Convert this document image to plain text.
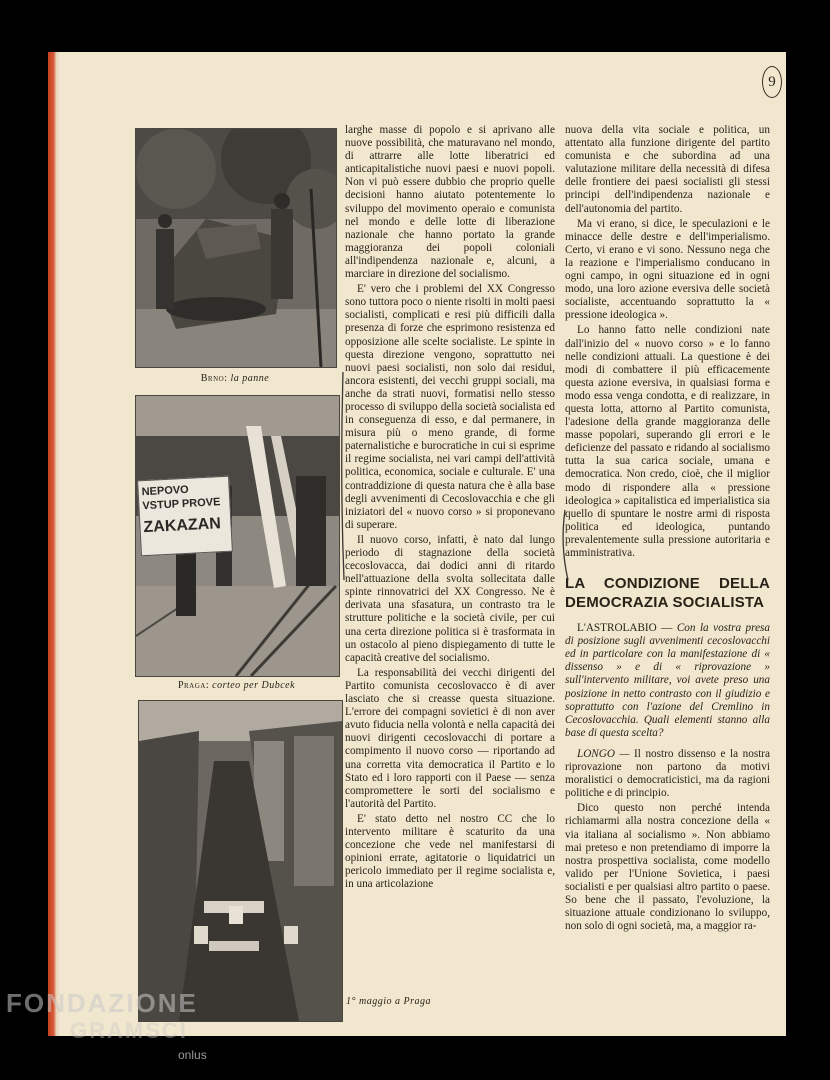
9
Brno: la panne
NEPOVO
VSTUP PROVE
ZAKAZAN
Praga: corteo per Dubcek
1° maggio a Praga

larghe masse di popolo e si aprivano alle nuove possibilità, che maturavano nel mondo, di attrarre alle lotte liberatrici ed anticapitalistiche nuovi paesi e nuovi popoli. Non vi può essere dubbio che proprio quelle decisioni hanno aiutato potentemente lo sviluppo del movimento operaio e comunista nel mondo e delle lotte di liberazione nazionale che hanno portato la grande maggioranza dei popoli coloniali all'indipendenza nazionale e, alcuni, a marciare in direzione del socialismo.

E' vero che i problemi del XX Congresso sono tuttora poco o niente risolti in molti paesi socialisti, complicati e resi più difficili dalla presenza di forze che esprimono resistenza ed opposizione alle scelte socialiste. Le spinte in questa direzione vengono, soprattutto nei nuovi paesi socialisti, non solo dai residui, ancora esistenti, dei vecchi gruppi sociali, ma anche da strati nuovi, formatisi nello stesso processo di sviluppo della società socialista ed in conseguenza di esso, e dal permanere, in misura più o meno grande, di forme paternalistiche e burocratiche in cui si esprime il regime socialista, nei vari campi dell'attività politica, economica, sociale e culturale. E' una contraddizione di questa natura che è alla base degli avvenimenti di Cecoslovacchia e che gli iniziatori del « nuovo corso » si proponevano di superare.

Il nuovo corso, infatti, è nato dal lungo periodo di stagnazione della società cecoslovacca, dai dodici anni di ritardo nell'attuazione della svolta sollecitata dalle spinte rinnovatrici del XX Congresso. Ne è derivata una sfasatura, un contrasto tra le strutture politiche e la società civile, per cui una certa direzione politica si è trasformata in un ostacolo al pieno dispiegamento di tutte le capacità creative del socialismo.

La responsabilità dei vecchi dirigenti del Partito comunista cecoslovacco è di aver lasciato che si creasse questa situazione. L'errore dei compagni sovietici è di non aver avuto fiducia nella volontà e nella capacità dei nuovi dirigenti cecoslovacchi di portare a compimento il nuovo corso — riportando ad una corretta vita democratica il Partito e lo Stato ed i loro rapporti con il Paese — senza compromettere le sorti del socialismo e l'autorità del Partito.

E' stato detto nel nostro CC che lo intervento militare è scaturito da una concezione che vede nel manifestarsi di opinioni errate, agitatorie o liquidatrici un pericolo immediato per il regime socialista e, in una articolazione

nuova della vita sociale e politica, un attentato alla funzione dirigente del partito comunista e che subordina ad una valutazione militare della necessità di difesa delle frontiere dei paesi socialisti gli stessi principi dell'indipendenza nazionale e dell'autonomia del partito.

Ma vi erano, si dice, le speculazioni e le minacce delle destre e dell'imperialismo. Certo, vi erano e vi sono. Nessuno nega che la reazione e l'imperialismo conducano in ogni campo, in ogni situazione ed in ogni modo, una loro azione eversiva delle società socialiste, accentuando soprattutto la « pressione ideologica ».

Lo hanno fatto nelle condizioni nate dall'inizio del « nuovo corso » e lo fanno nelle condizioni attuali. La questione è dei modi di combattere il più efficacemente questa azione eversiva, in qualsiasi forma e modo essa venga condotta, e di realizzare, in questa lotta, attorno al Partito comunista, l'adesione della grande maggioranza delle masse popolari, superando gli errori e le deficienze del passato e ridando al socialismo tutta la sua carica sociale, umana e democratica. Non credo, cioè, che il miglior modo di rispondere alla « pressione ideologica » capitalistica ed imperialistica sia quello di spuntare le nostre armi di risposta politica ed ideologica, puntando prevalentemente sulla pressione autoritaria e amministrativa.

LA CONDIZIONE DELLA DEMOCRAZIA SOCIALISTA

L'ASTROLABIO — Con la vostra presa di posizione sugli avvenimenti cecoslovacchi ed in particolare con la manifestazione di « dissenso » e di « riprovazione » sull'intervento militare, voi avete preso una posizione in netto contrasto con il giudizio e soprattutto con l'azione del Cremlino in Cecoslovacchia. Quali elementi stanno alla base di questa scelta?

LONGO — Il nostro dissenso e la nostra riprovazione non partono da motivi moralistici o democraticistici, ma da ragioni politiche e di principio.

Dico questo non perché intenda richiamarmi alla nostra concezione della « via italiana al socialismo ». Non abbiamo mai preteso e non pretendiamo di imporre la nostra prospettiva socialista, come modello valido per l'Unione Sovietica, i paesi socialisti e per qualsiasi altro partito o paese. So bene che il passato, l'evoluzione, la situazione attuale condizionano lo sviluppo, non solo di ogni società, ma, a maggior ra-

FONDAZIONE
GRAMSCI
onlus
